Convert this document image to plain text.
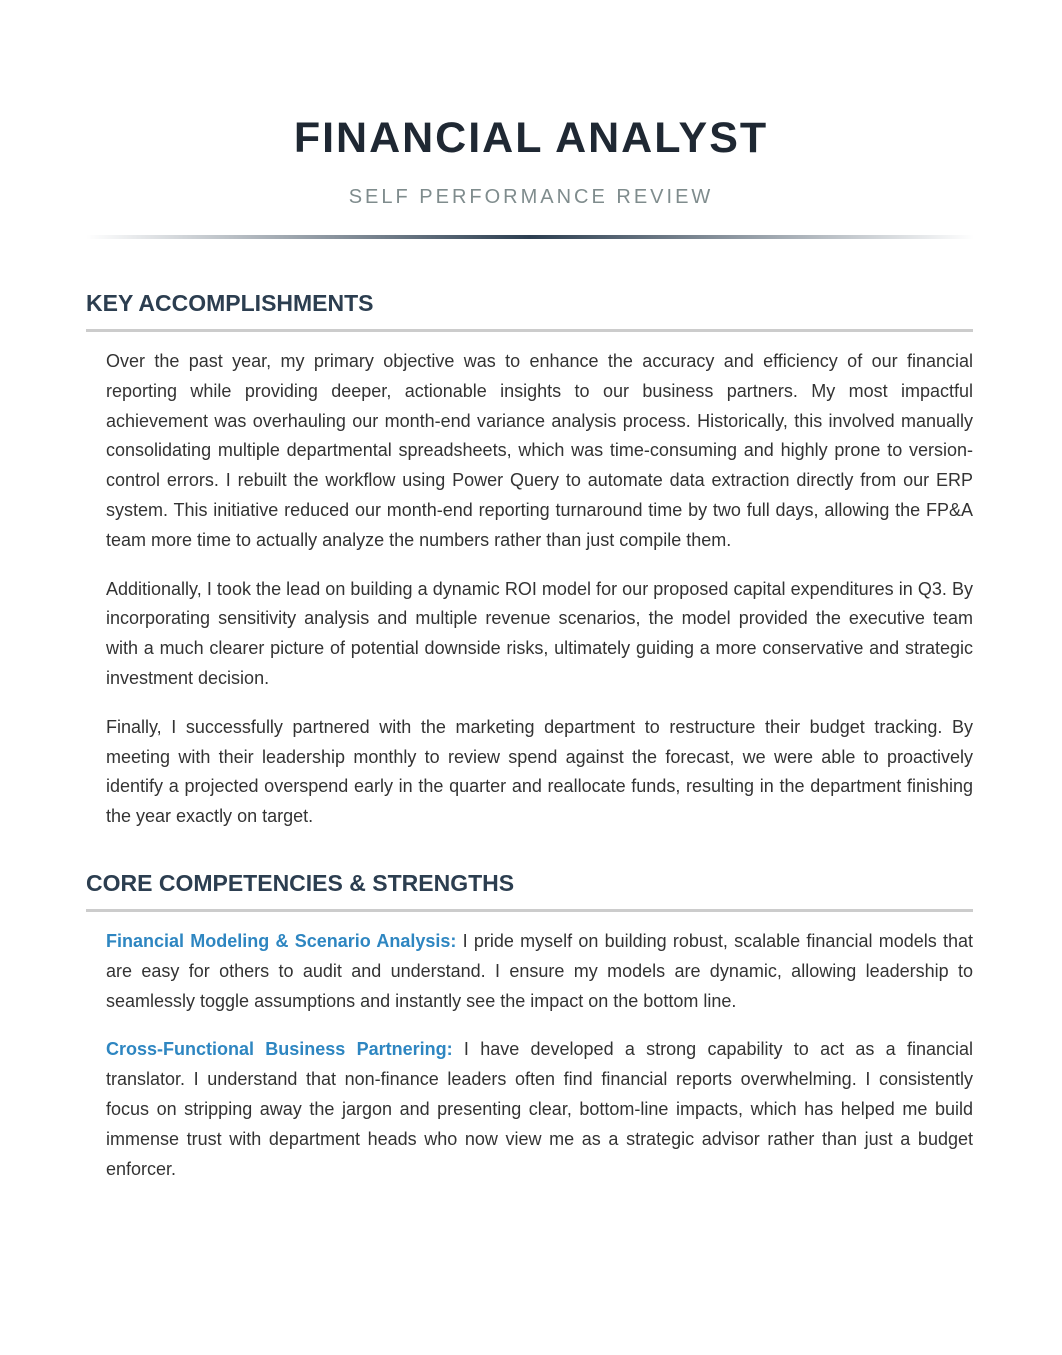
FINANCIAL ANALYST
SELF PERFORMANCE REVIEW
KEY ACCOMPLISHMENTS

Over the past year, my primary objective was to enhance the accuracy and efficiency of our financial reporting while providing deeper, actionable insights to our business partners. My most impactful achievement was overhauling our month-end variance analysis process. Historically, this involved manually consolidating multiple departmental spreadsheets, which was time-consuming and highly prone to version-control errors. I rebuilt the workflow using Power Query to automate data extraction directly from our ERP system. This initiative reduced our month-end reporting turnaround time by two full days, allowing the FP&A team more time to actually analyze the numbers rather than just compile them.

Additionally, I took the lead on building a dynamic ROI model for our proposed capital expenditures in Q3. By incorporating sensitivity analysis and multiple revenue scenarios, the model provided the executive team with a much clearer picture of potential downside risks, ultimately guiding a more conservative and strategic investment decision.

Finally, I successfully partnered with the marketing department to restructure their budget tracking. By meeting with their leadership monthly to review spend against the forecast, we were able to proactively identify a projected overspend early in the quarter and reallocate funds, resulting in the department finishing the year exactly on target.

CORE COMPETENCIES & STRENGTHS

Financial Modeling & Scenario Analysis: I pride myself on building robust, scalable financial models that are easy for others to audit and understand. I ensure my models are dynamic, allowing leadership to seamlessly toggle assumptions and instantly see the impact on the bottom line.

Cross-Functional Business Partnering: I have developed a strong capability to act as a financial translator. I understand that non-finance leaders often find financial reports overwhelming. I consistently focus on stripping away the jargon and presenting clear, bottom-line impacts, which has helped me build immense trust with department heads who now view me as a strategic advisor rather than just a budget enforcer.
